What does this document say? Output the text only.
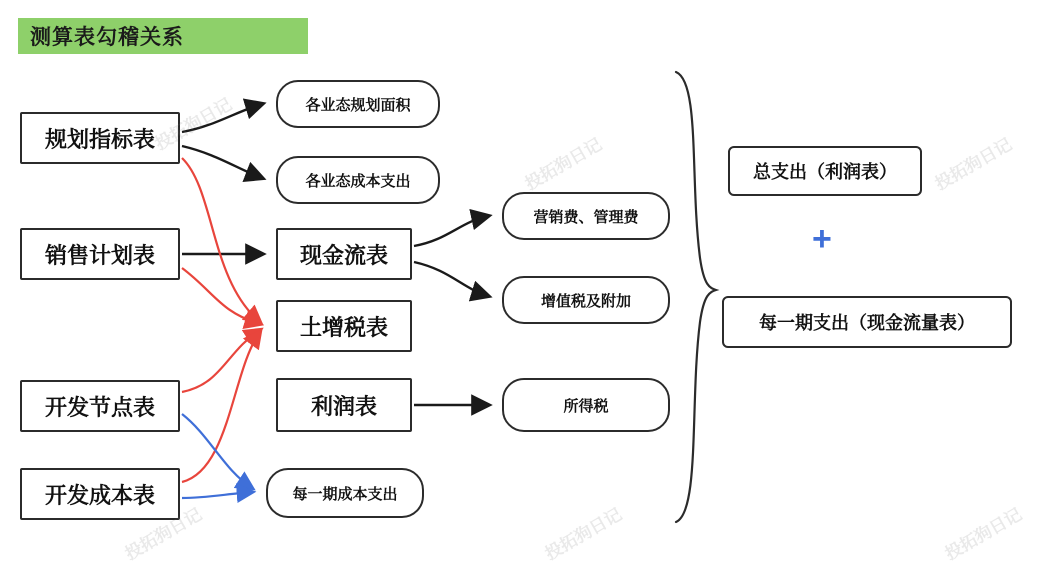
测算表勾稽关系
规划指标表
销售计划表
开发节点表
开发成本表
现金流表
土增税表
利润表
各业态规划面积
各业态成本支出
营销费、管理费
增值税及附加
所得税
每一期成本支出
总支出（利润表）
每一期支出（现金流量表）
+
投拓狗日记
投拓狗日记	投拓狗日记
投拓狗日记	投拓狗日记	投拓狗日记
